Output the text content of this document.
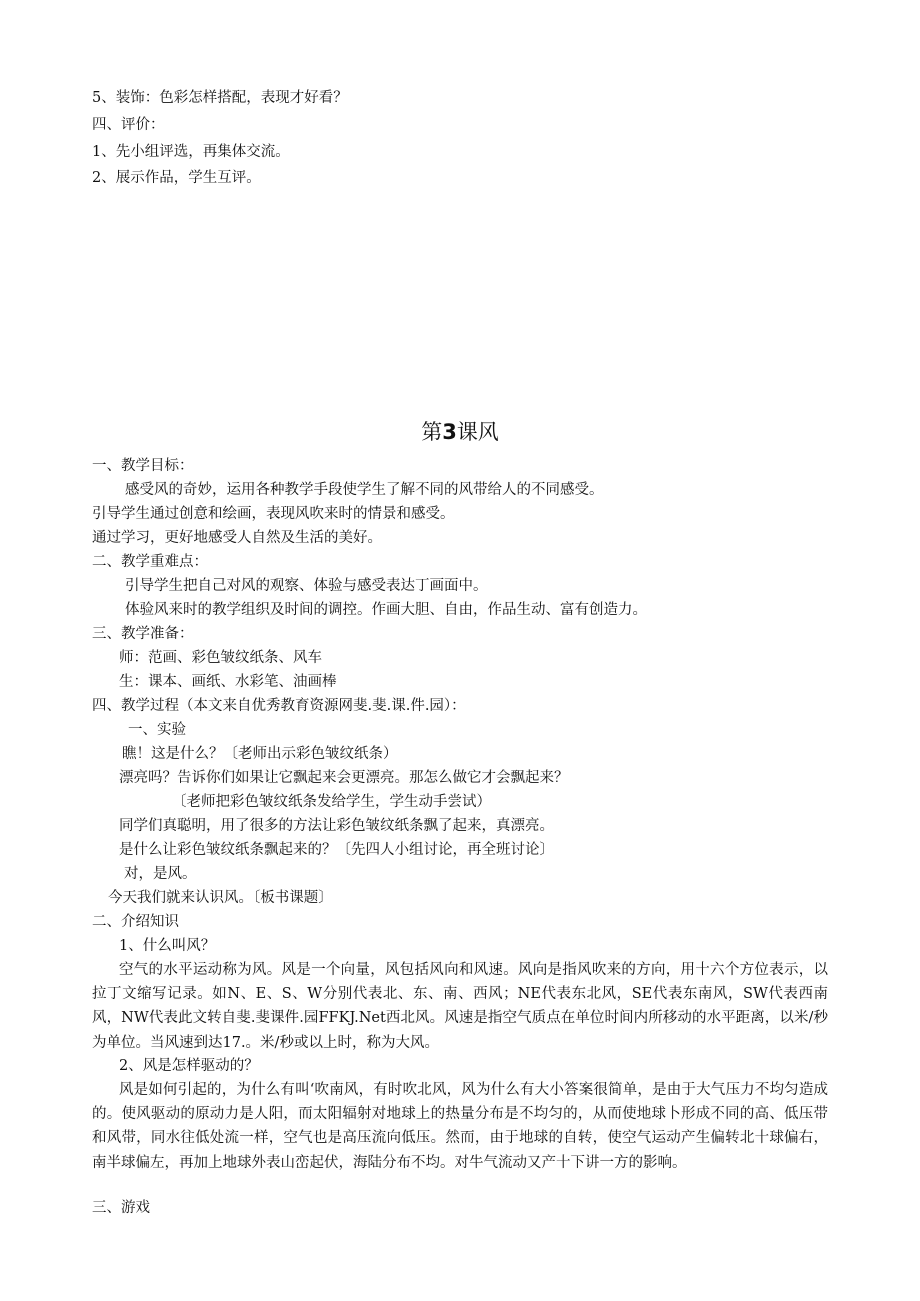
5、装饰：色彩怎样搭配，表现才好看？
四、评价：
1、先小组评选，再集体交流。
2、展示作品，学生互评。
第3课风
一、教学目标：
感受风的奇妙，运用各种教学手段使学生了解不同的风带给人的不同感受。
引导学生通过创意和绘画，表现风吹来时的情景和感受。
通过学习，更好地感受人自然及生活的美好。
二、教学重难点：
引导学生把自己对风的观察、体验与感受表达丁画面中。
体验风来时的教学组织及时间的调控。作画大胆、自由，作品生动、富有创造力。
三、教学准备：
师：范画、彩色皱纹纸条、风车
生：课本、画纸、水彩笔、油画棒
四、教学过程（本文来自优秀教育资源网斐.斐.课.件.园）：
一、实验
瞧！这是什么？〔老师出示彩色皱纹纸条）
漂亮吗？告诉你们如果让它飘起来会更漂亮。那怎么做它才会飘起来？
〔老师把彩色皱纹纸条发给学生，学生动手尝试）
同学们真聪明，用了很多的方法让彩色皱纹纸条飘了起来，真漂亮。
是什么让彩色皱纹纸条飘起来的？〔先四人小组讨论，再全班讨论〕
对，是风。
今天我们就来认识风。〔板书课题〕
二、介绍知识
1、什么叫风？
空气的水平运动称为风。风是一个向量，风包括风向和风速。风向是指风吹来的方向，用十六个方位表示，以拉丁文缩写记录。如N、E、S、W分别代表北、东、南、西风；NE代表东北风，SE代表东南风，SW代表西南风，NW代表此文转自斐.斐课件.园FFKJ.Net西北风。风速是指空气质点在单位时间内所移动的水平距离，以米/秒为单位。当风速到达17.。米/秒或以上时，称为大风。
2、风是怎样驱动的？
风是如何引起的，为什么有叫‘吹南风，有时吹北风，风为什么有大小答案很简单，是由于大气压力不均匀造成的。使风驱动的原动力是人阳，而太阳辐射对地球上的热量分布是不均匀的，从而使地球卜形成不同的高、低压带和风带，同水往低处流一样，空气也是高压流向低压。然而，由于地球的自转，使空气运动产生偏转北十球偏右，南半球偏左，再加上地球外表山峦起伏，海陆分布不均。对牛气流动又产十下讲一方的影响。
三、游戏
